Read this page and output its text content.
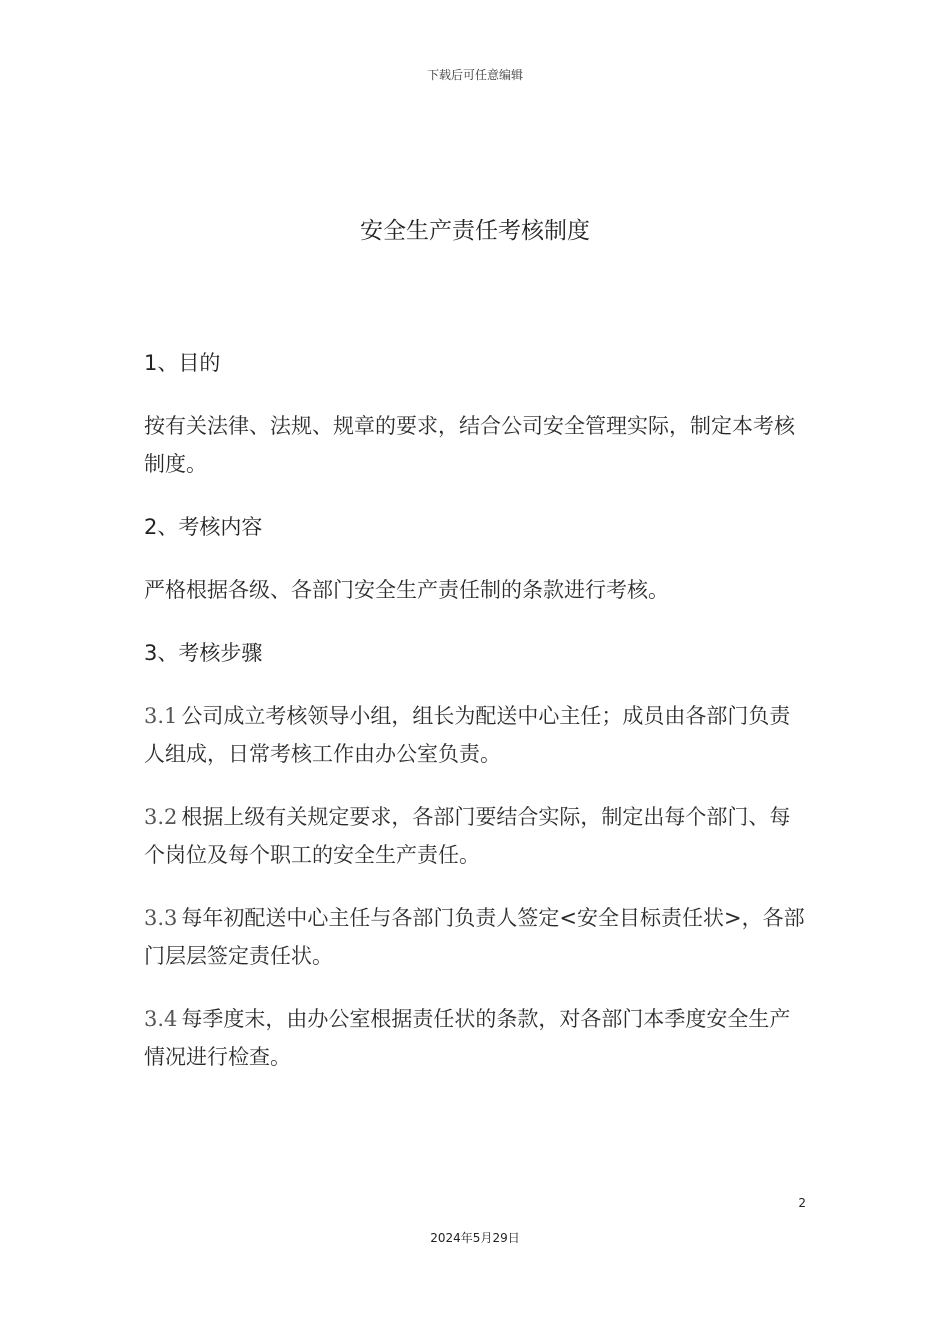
下载后可任意编辑
安全生产责任考核制度
1、目的
按有关法律、法规、规章的要求，结合公司安全管理实际，制定本考核制度。
2、考核内容
严格根据各级、各部门安全生产责任制的条款进行考核。
3、考核步骤
3.1 公司成立考核领导小组，组长为配送中心主任；成员由各部门负责人组成，日常考核工作由办公室负责。
3.2 根据上级有关规定要求，各部门要结合实际，制定出每个部门、每个岗位及每个职工的安全生产责任。
3.3 每年初配送中心主任与各部门负责人签定<安全目标责任状>，各部门层层签定责任状。
3.4 每季度末，由办公室根据责任状的条款，对各部门本季度安全生产情况进行检查。
2
2024年5月29日
